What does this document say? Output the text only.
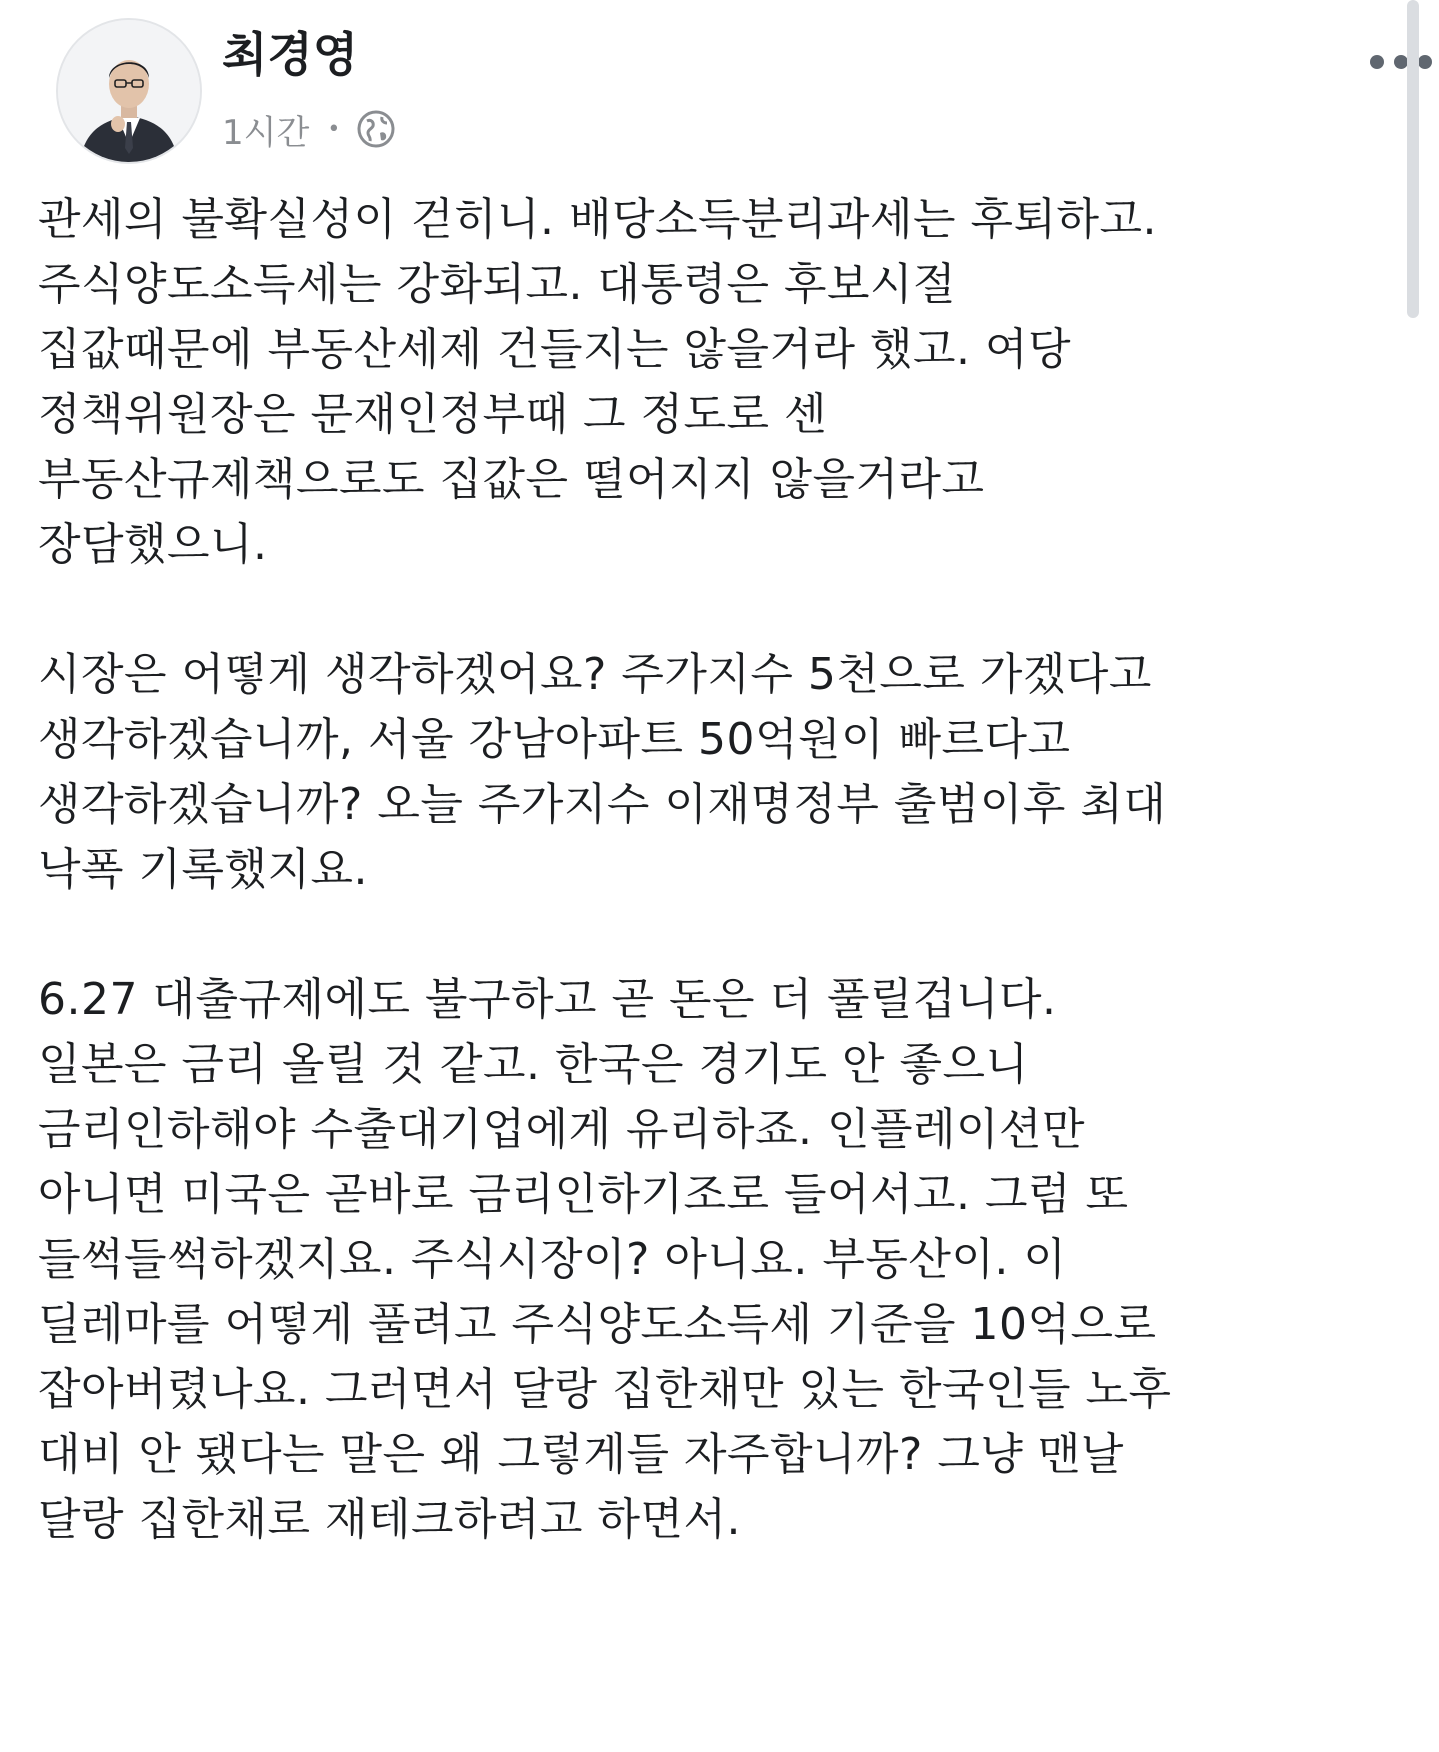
최경영
1시간 •
관세의 불확실성이 걷히니. 배당소득분리과세는 후퇴하고.
주식양도소득세는 강화되고. 대통령은 후보시절
집값때문에 부동산세제 건들지는 않을거라 했고. 여당
정책위원장은 문재인정부때 그 정도로 센
부동산규제책으로도 집값은 떨어지지 않을거라고
장담했으니.
시장은 어떻게 생각하겠어요? 주가지수 5천으로 가겠다고
생각하겠습니까, 서울 강남아파트 50억원이 빠르다고
생각하겠습니까? 오늘 주가지수 이재명정부 출범이후 최대
낙폭 기록했지요.
6.27 대출규제에도 불구하고 곧 돈은 더 풀릴겁니다.
일본은 금리 올릴 것 같고. 한국은 경기도 안 좋으니
금리인하해야 수출대기업에게 유리하죠. 인플레이션만
아니면 미국은 곧바로 금리인하기조로 들어서고. 그럼 또
들썩들썩하겠지요. 주식시장이? 아니요. 부동산이. 이
딜레마를 어떻게 풀려고 주식양도소득세 기준을 10억으로
잡아버렸나요. 그러면서 달랑 집한채만 있는 한국인들 노후
대비 안 됐다는 말은 왜 그렇게들 자주합니까? 그냥 맨날
달랑 집한채로 재테크하려고 하면서.
